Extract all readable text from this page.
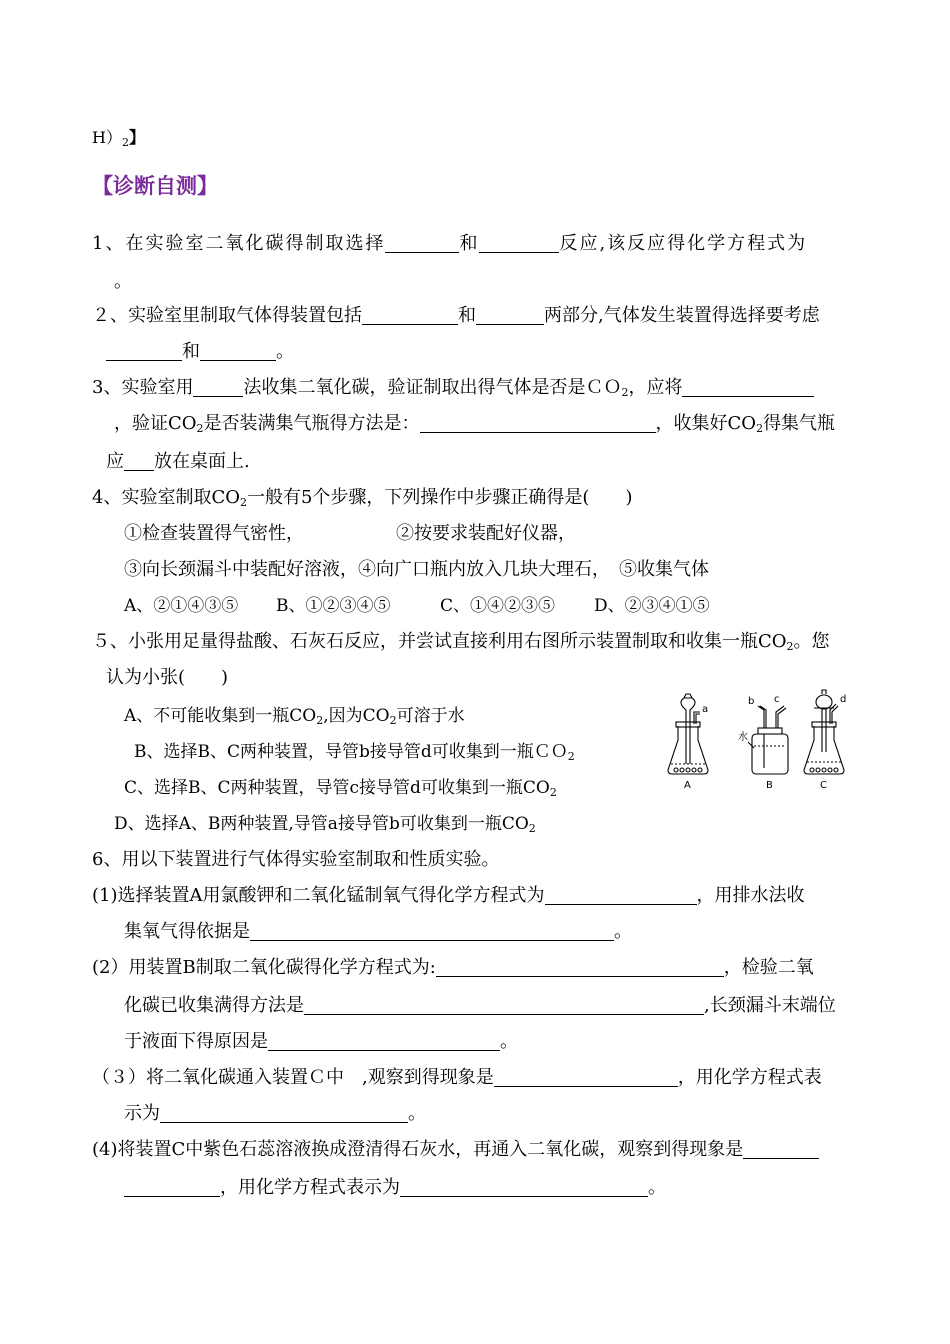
$H)_2$】
【诊断自测】
1、在实验室二氧化碳得制取选择	和	反应,该反应得化学方程式为
。
２、实验室里制取气体得装置包括	和	两部分,气体发生装置得选择要考虑
和	。
3、实验室用	法收集二氧化碳，验证制取出得气体是否是ＣＯ$_2$，应将
，验证$CO_2$是否装满集气瓶得方法是：	，收集好$CO_2$得集气瓶
应 放在桌面上.
4、实验室制取$CO_2$一般有5个步骤，下列操作中步骤正确得是(　　)
①检查装置得气密性，	②按要求装配好仪器，
③向长颈漏斗中装配好溶液，④向广口瓶内放入几块大理石，　⑤收集气体
A、②①④③⑤ B、①②③④⑤	C、①④②③⑤ D、②③④①⑤
５、小张用足量得盐酸、石灰石反应，并尝试直接利用右图所示装置制取和收集一瓶$CO_2$。您
认为小张(　　)
A、不可能收集到一瓶$CO_2$,因为$CO_2$可溶于水
B、选择B、C两种装置，导管b接导管d可收集到一瓶ＣＯ$_2$
C、选择B、C两种装置，导管c接导管d可收集到一瓶$CO_2$
D、选择A、B两种装置,导管a接导管b可收集到一瓶$CO_2$
a
b c	d
水
A	B	C
6、用以下装置进行气体得实验室制取和性质实验。
(1)选择装置A用氯酸钾和二氧化锰制氧气得化学方程式为	，用排水法收
集氧气得依据是	。
(2）用装置B制取二氧化碳得化学方程式为:	，检验二氧
化碳已收集满得方法是	,长颈漏斗末端位
于液面下得原因是	。
（３）将二氧化碳通入装置Ｃ中　,观察到得现象是	，用化学方程式表
示为	。
(4)将装置C中紫色石蕊溶液换成澄清得石灰水，再通入二氧化碳，观察到得现象是
，用化学方程式表示为	。
